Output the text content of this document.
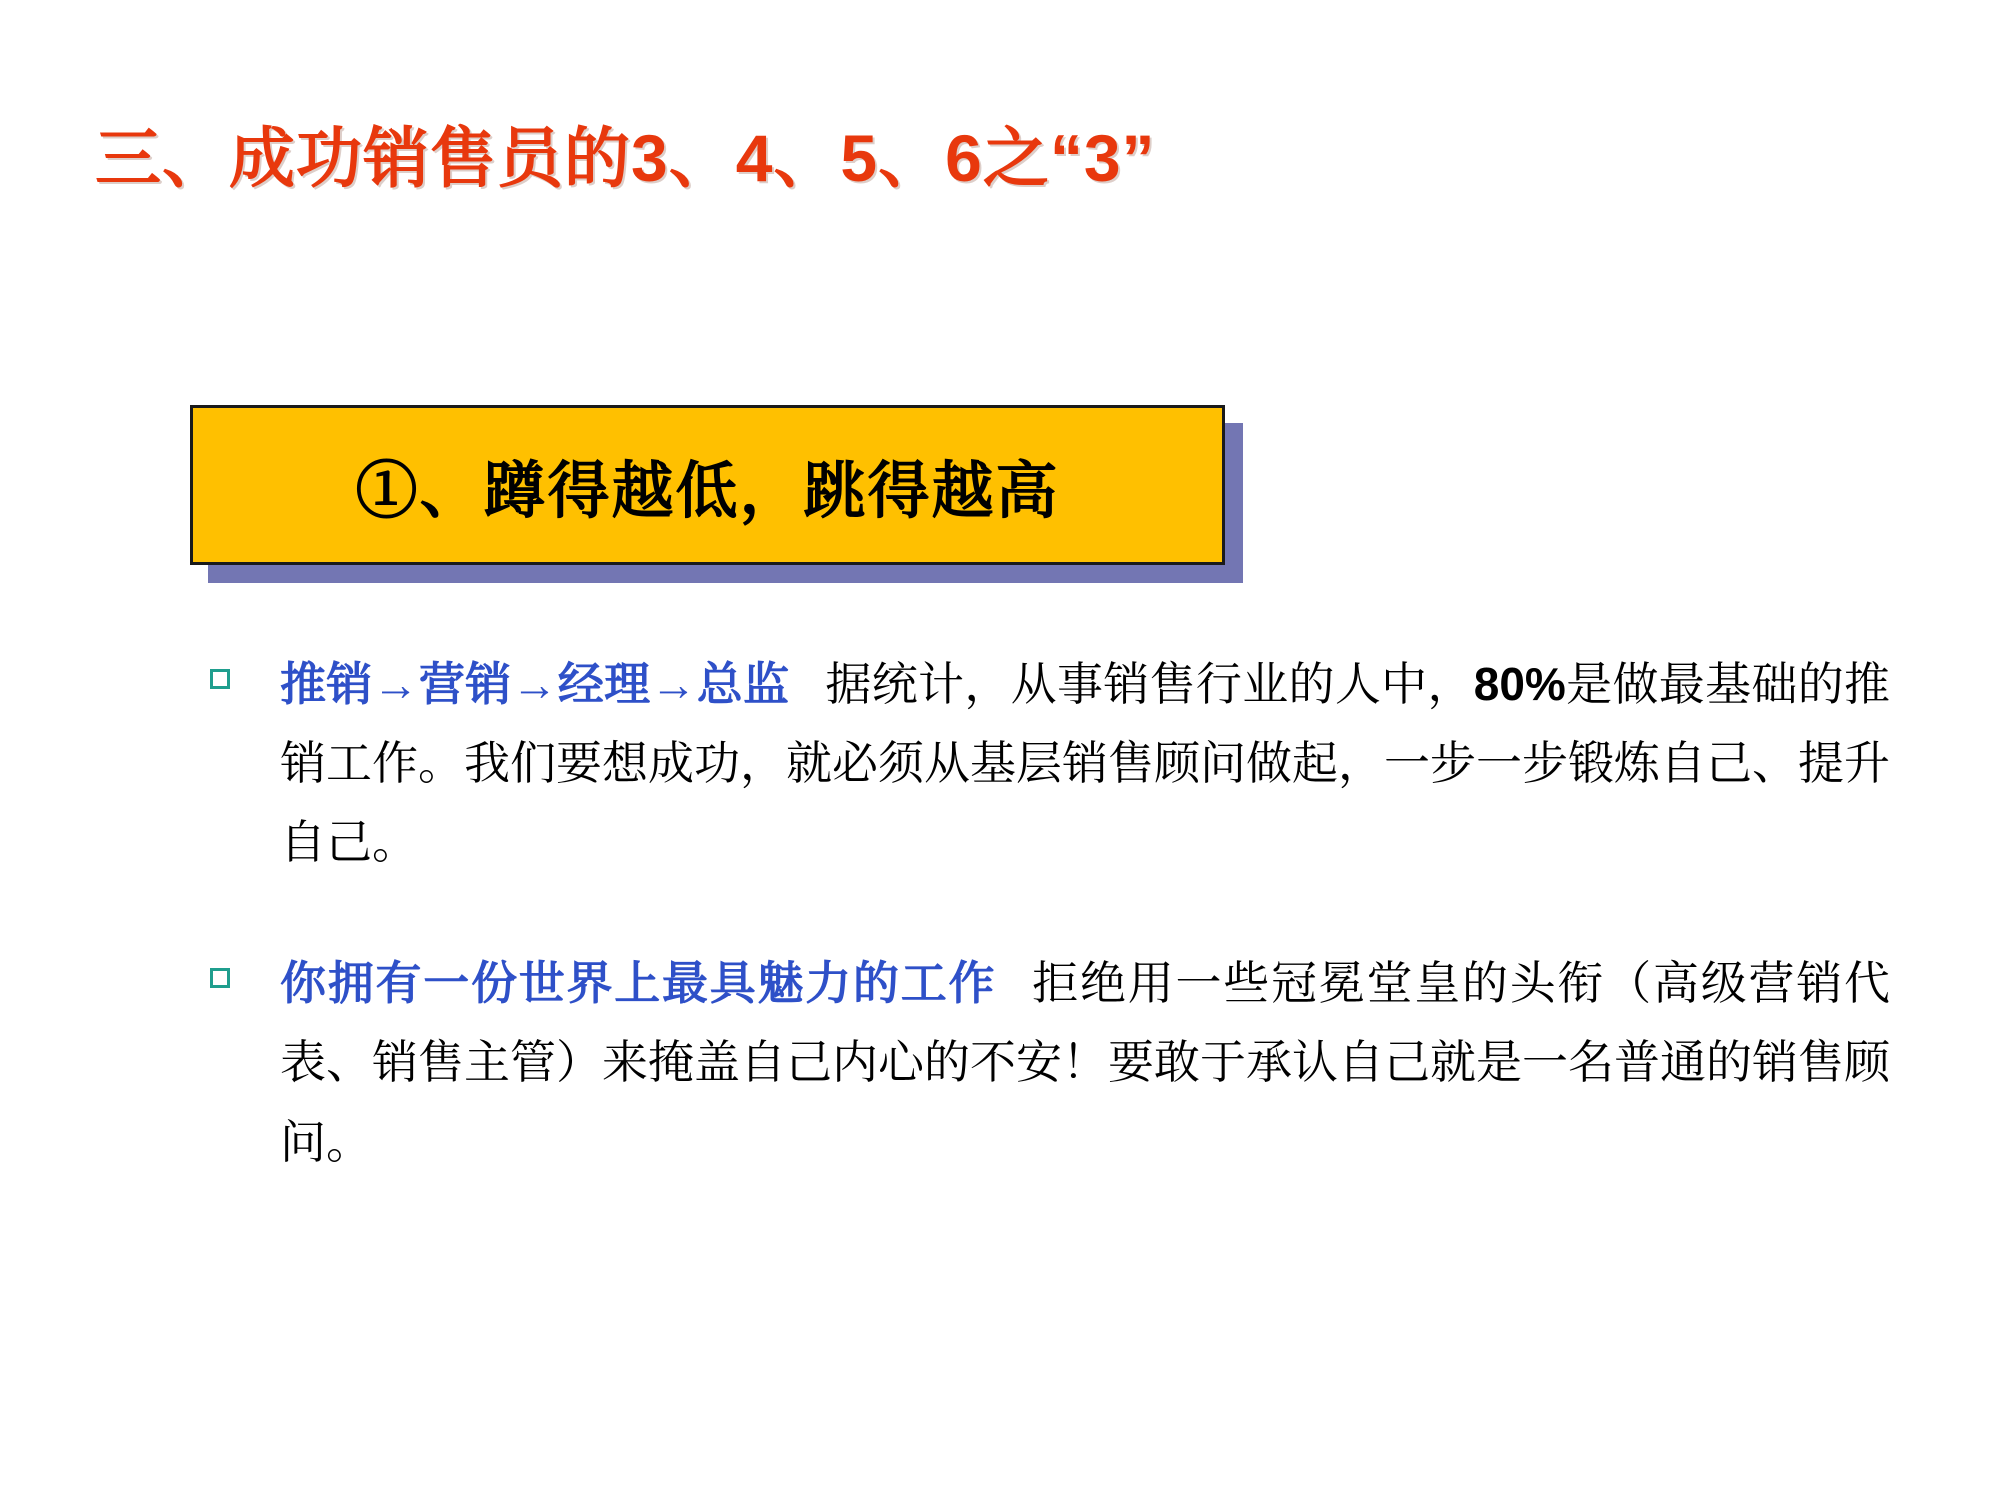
三、成功销售员的3、4、5、6之“3”
①、蹲得越低，跳得越高
推销→营销→经理→总监 据统计，从事销售行业的人中，80%是做最基础的推销工作。我们要想成功，就必须从基层销售顾问做起，一步一步锻炼自己、提升自己。
你拥有一份世界上最具魅力的工作 拒绝用一些冠冕堂皇的头衔（高级营销代表、销售主管）来掩盖自己内心的不安！要敢于承认自己就是一名普通的销售顾问。
